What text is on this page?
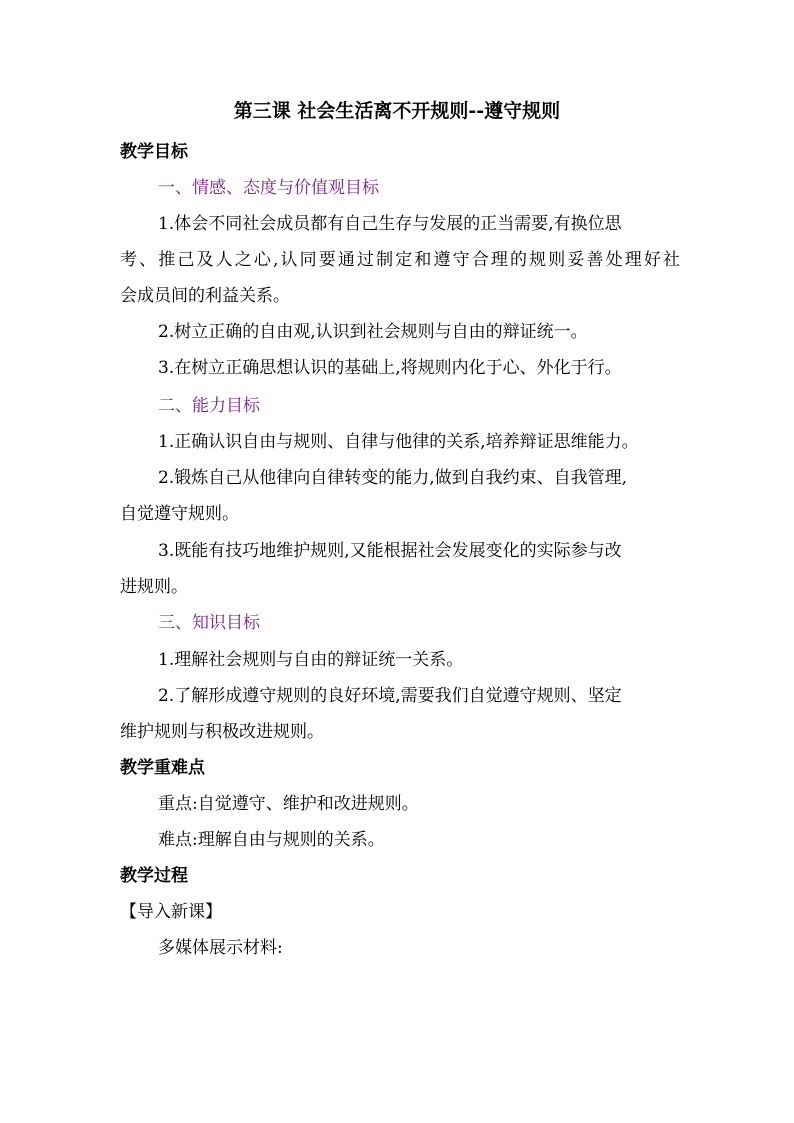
第三课 社会生活离不开规则--遵守规则
教学目标
一、情感、态度与价值观目标
1.体会不同社会成员都有自己生存与发展的正当需要,有换位思
考、推己及人之心,认同要通过制定和遵守合理的规则妥善处理好社
会成员间的利益关系。
2.树立正确的自由观,认识到社会规则与自由的辩证统一。
3.在树立正确思想认识的基础上,将规则内化于心、外化于行。
二、能力目标
1.正确认识自由与规则、自律与他律的关系,培养辩证思维能力。
2.锻炼自己从他律向自律转变的能力,做到自我约束、自我管理,
自觉遵守规则。
3.既能有技巧地维护规则,又能根据社会发展变化的实际参与改
进规则。
三、知识目标
1.理解社会规则与自由的辩证统一关系。
2.了解形成遵守规则的良好环境,需要我们自觉遵守规则、坚定
维护规则与积极改进规则。
教学重难点
重点:自觉遵守、维护和改进规则。
难点:理解自由与规则的关系。
教学过程
【导入新课】
多媒体展示材料:
